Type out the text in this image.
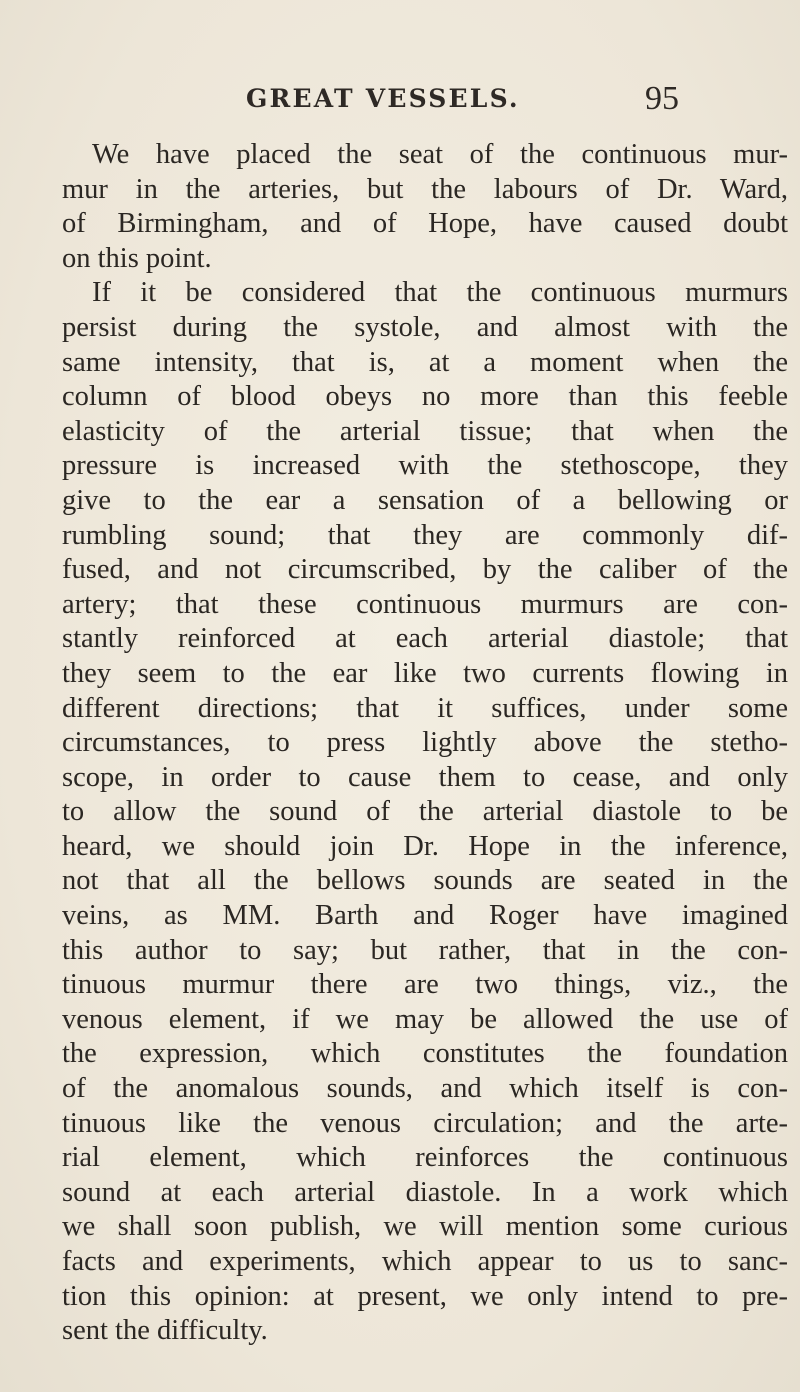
GREAT VESSELS.	95
We have placed the seat of the continuous mur-
mur in the arteries, but the labours of Dr. Ward,
of Birmingham, and of Hope, have caused doubt
on this point.
If it be considered that the continuous murmurs
persist during the systole, and almost with the
same intensity, that is, at a moment when the
column of blood obeys no more than this feeble
elasticity of the arterial tissue; that when the
pressure is increased with the stethoscope, they
give to the ear a sensation of a bellowing or
rumbling sound; that they are commonly dif-
fused, and not circumscribed, by the caliber of the
artery; that these continuous murmurs are con-
stantly reinforced at each arterial diastole; that
they seem to the ear like two currents flowing in
different directions; that it suffices, under some
circumstances, to press lightly above the stetho-
scope, in order to cause them to cease, and only
to allow the sound of the arterial diastole to be
heard, we should join Dr. Hope in the inference,
not that all the bellows sounds are seated in the
veins, as MM. Barth and Roger have imagined
this author to say; but rather, that in the con-
tinuous murmur there are two things, viz., the
venous element, if we may be allowed the use of
the expression, which constitutes the foundation
of the anomalous sounds, and which itself is con-
tinuous like the venous circulation; and the arte-
rial element, which reinforces the continuous
sound at each arterial diastole. In a work which
we shall soon publish, we will mention some curious
facts and experiments, which appear to us to sanc-
tion this opinion: at present, we only intend to pre-
sent the difficulty.
